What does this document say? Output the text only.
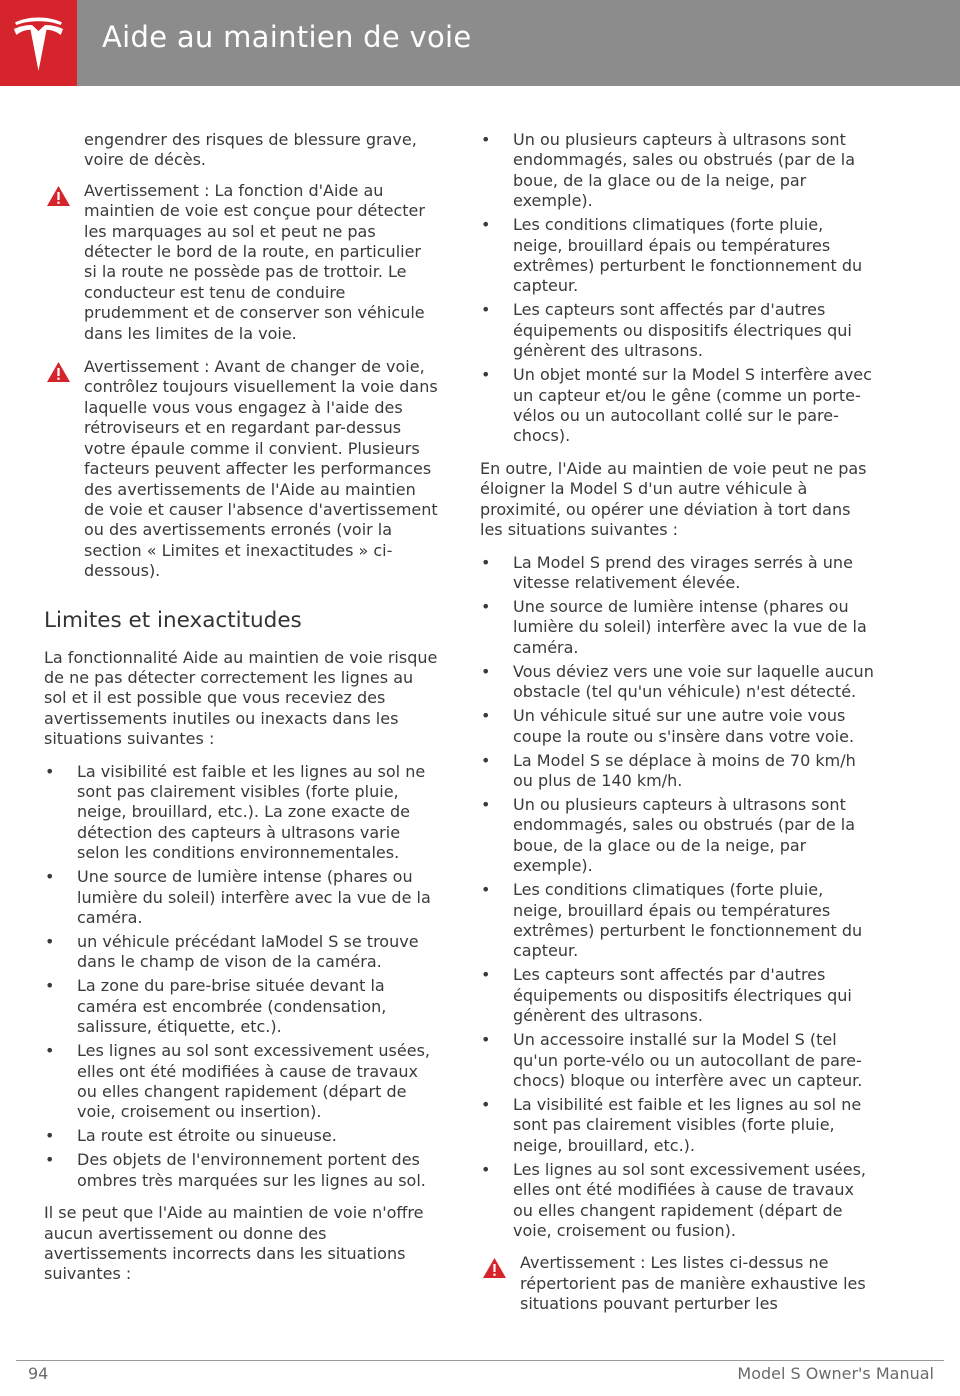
Aide au maintien de voie

engendrer des risques de blessure grave, voire de décès.

Avertissement : La fonction d'Aide au maintien de voie est conçue pour détecter les marquages au sol et peut ne pas détecter le bord de la route, en particulier si la route ne possède pas de trottoir. Le conducteur est tenu de conduire prudemment et de conserver son véhicule dans les limites de la voie.
Avertissement : Avant de changer de voie, contrôlez toujours visuellement la voie dans laquelle vous vous engagez à l'aide des rétroviseurs et en regardant par-dessus votre épaule comme il convient. Plusieurs facteurs peuvent affecter les performances des avertissements de l'Aide au maintien de voie et causer l'absence d'avertissement ou des avertissements erronés (voir la section « Limites et inexactitudes » ci-dessous).
Limites et inexactitudes

La fonctionnalité Aide au maintien de voie risque de ne pas détecter correctement les lignes au sol et il est possible que vous receviez des avertissements inutiles ou inexacts dans les situations suivantes :

• La visibilité est faible et les lignes au sol ne sont pas clairement visibles (forte pluie, neige, brouillard, etc.). La zone exacte de détection des capteurs à ultrasons varie selon les conditions environnementales.
• Une source de lumière intense (phares ou lumière du soleil) interfère avec la vue de la caméra.
• un véhicule précédant laModel S se trouve dans le champ de vison de la caméra.
• La zone du pare-brise située devant la caméra est encombrée (condensation, salissure, étiquette, etc.).
• Les lignes au sol sont excessivement usées, elles ont été modifiées à cause de travaux ou elles changent rapidement (départ de voie, croisement ou insertion).
• La route est étroite ou sinueuse.
• Des objets de l'environnement portent des ombres très marquées sur les lignes au sol.

Il se peut que l'Aide au maintien de voie n'offre aucun avertissement ou donne des avertissements incorrects dans les situations suivantes :

• Un ou plusieurs capteurs à ultrasons sont endommagés, sales ou obstrués (par de la boue, de la glace ou de la neige, par exemple).
• Les conditions climatiques (forte pluie, neige, brouillard épais ou températures extrêmes) perturbent le fonctionnement du capteur.
• Les capteurs sont affectés par d'autres équipements ou dispositifs électriques qui génèrent des ultrasons.
• Un objet monté sur la Model S interfère avec un capteur et/ou le gêne (comme un porte-vélos ou un autocollant collé sur le pare-chocs).

En outre, l'Aide au maintien de voie peut ne pas éloigner la Model S d'un autre véhicule à proximité, ou opérer une déviation à tort dans les situations suivantes :

• La Model S prend des virages serrés à une vitesse relativement élevée.
• Une source de lumière intense (phares ou lumière du soleil) interfère avec la vue de la caméra.
• Vous déviez vers une voie sur laquelle aucun obstacle (tel qu'un véhicule) n'est détecté.
• Un véhicule situé sur une autre voie vous coupe la route ou s'insère dans votre voie.
• La Model S se déplace à moins de 70 km/h ou plus de 140 km/h.
• Un ou plusieurs capteurs à ultrasons sont endommagés, sales ou obstrués (par de la boue, de la glace ou de la neige, par exemple).
• Les conditions climatiques (forte pluie, neige, brouillard épais ou températures extrêmes) perturbent le fonctionnement du capteur.
• Les capteurs sont affectés par d'autres équipements ou dispositifs électriques qui génèrent des ultrasons.
• Un accessoire installé sur la Model S (tel qu'un porte-vélo ou un autocollant de pare-chocs) bloque ou interfère avec un capteur.
• La visibilité est faible et les lignes au sol ne sont pas clairement visibles (forte pluie, neige, brouillard, etc.).
• Les lignes au sol sont excessivement usées, elles ont été modifiées à cause de travaux ou elles changent rapidement (départ de voie, croisement ou fusion).
Avertissement : Les listes ci-dessus ne répertorient pas de manière exhaustive les situations pouvant perturber les
94	Model S Owner's Manual
